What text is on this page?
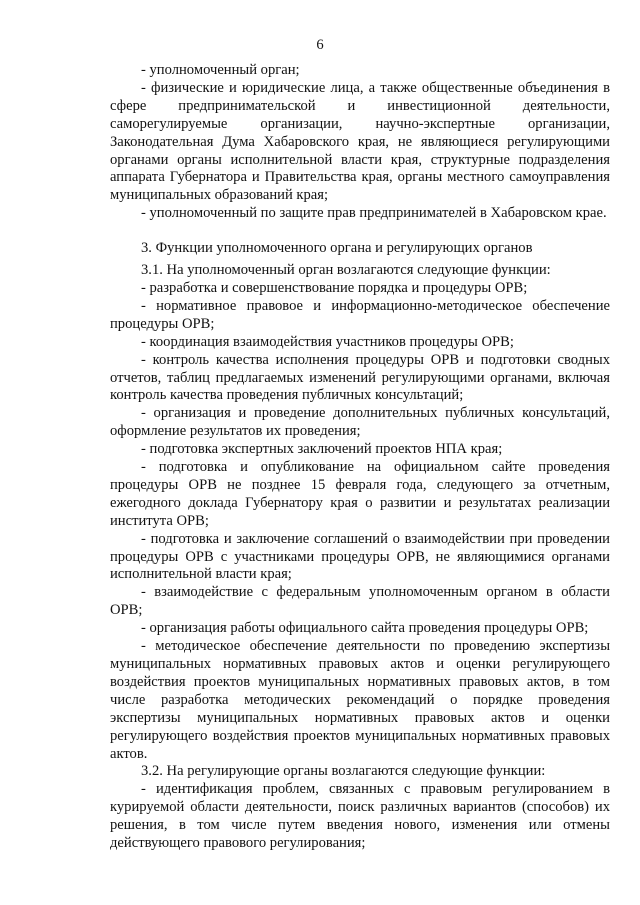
6

- уполномоченный орган;

- физические и юридические лица, а также общественные объединения в сфере предпринимательской и инвестиционной деятельности, саморегулируемые организации, научно-экспертные организации, Законодательная Дума Хабаровского края, не являющиеся регулирующими органами органы исполнительной власти края, структурные подразделения аппарата Губернатора и Правительства края, органы местного самоуправления муниципальных образований края;

- уполномоченный по защите прав предпринимателей в Хабаровском крае.

3. Функции уполномоченного органа и регулирующих органов

3.1. На уполномоченный орган возлагаются следующие функции:

- разработка и совершенствование порядка и процедуры ОРВ;

- нормативное правовое и информационно-методическое обеспечение процедуры ОРВ;

- координация взаимодействия участников процедуры ОРВ;

- контроль качества исполнения процедуры ОРВ и подготовки сводных отчетов, таблиц предлагаемых изменений регулирующими органами, включая контроль качества проведения публичных консультаций;

- организация и проведение дополнительных публичных консультаций, оформление результатов их проведения;

- подготовка экспертных заключений проектов НПА края;

- подготовка и опубликование на официальном сайте проведения процедуры ОРВ не позднее 15 февраля года, следующего за отчетным, ежегодного доклада Губернатору края о развитии и результатах реализации института ОРВ;

- подготовка и заключение соглашений о взаимодействии при проведении процедуры ОРВ с участниками процедуры ОРВ, не являющимися органами исполнительной власти края;

- взаимодействие с федеральным уполномоченным органом в области ОРВ;

- организация работы официального сайта проведения процедуры ОРВ;

- методическое обеспечение деятельности по проведению экспертизы муниципальных нормативных правовых актов и оценки регулирующего воздействия проектов муниципальных нормативных правовых актов, в том числе разработка методических рекомендаций о порядке проведения экспертизы муниципальных нормативных правовых актов и оценки регулирующего воздействия проектов муниципальных нормативных правовых актов.

3.2. На регулирующие органы возлагаются следующие функции:

- идентификация проблем, связанных с правовым регулированием в курируемой области деятельности, поиск различных вариантов (способов) их решения, в том числе путем введения нового, изменения или отмены действующего правового регулирования;
